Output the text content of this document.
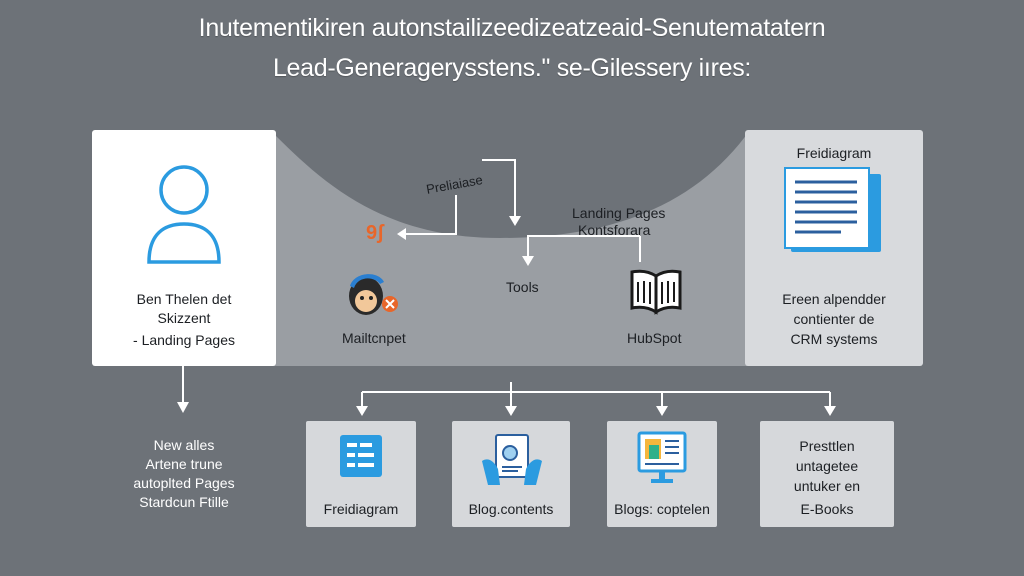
Inutementikiren autonstailizeedizeatzeaid-Senutematatern
Lead-Generagerysstens." se-Gilessery iıres:
Ben Thelen det
Skizzent
- Landing Pages
Preliaiase
Landing Pages
Kontsforara
9ʃ
Tools
Mailtcnpet	HubSpot
Freidiagram
Ereen alpendder
contienter de
CRM systems
New alles
Artene trune
autoplted Pages
Stardcun Ftille	Freidiagram	Blog.contents	Blogs: coptelen
Presttlen
untagetee
untuker en
E-Books
